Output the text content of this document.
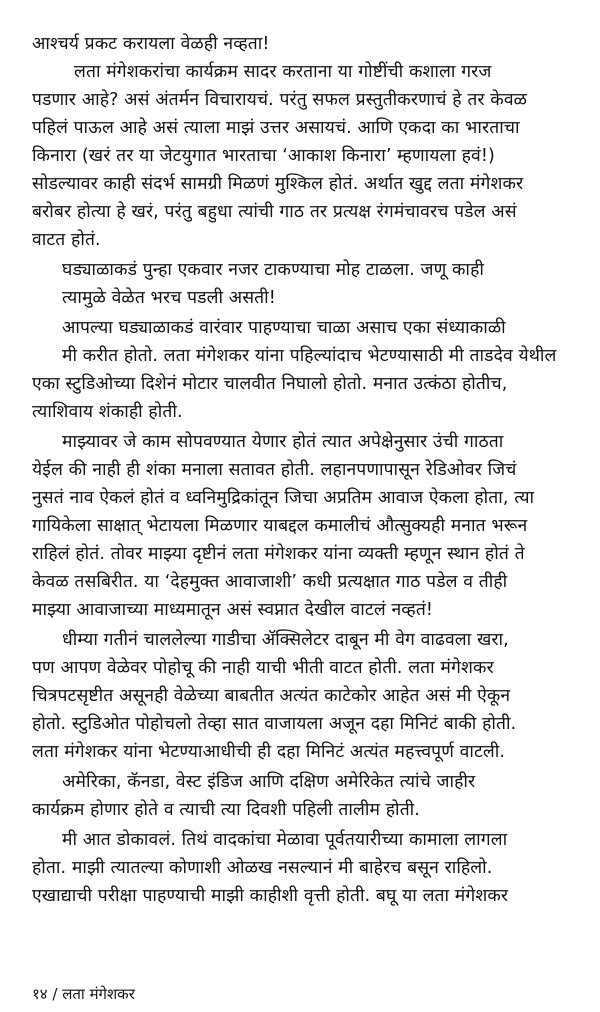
आश्चर्य प्रकट करायला वेळही नव्हता!
लता मंगेशकरांचा कार्यक्रम सादर करताना या गोष्टींची कशाला गरज
पडणार आहे? असं अंतर्मन विचारायचं. परंतु सफल प्रस्तुतीकरणाचं हे तर केवळ
पहिलं पाऊल आहे असं त्याला माझं उत्तर असायचं. आणि एकदा का भारताचा
किनारा (खरं तर या जेटयुगात भारताचा ‘आकाश किनारा’ म्हणायला हवं!)
सोडल्यावर काही संदर्भ सामग्री मिळणं मुश्किल होतं. अर्थात खुद्द लता मंगेशकर
बरोबर होत्या हे खरं, परंतु बहुधा त्यांची गाठ तर प्रत्यक्ष रंगमंचावरच पडेल असं
वाटत होतं.
घड्याळाकडं पुन्हा एकवार नजर टाकण्याचा मोह टाळला. जणू काही
त्यामुळे वेळेत भरच पडली असती!
आपल्या घड्याळाकडं वारंवार पाहण्याचा चाळा असाच एका संध्याकाळी
मी करीत होतो. लता मंगेशकर यांना पहिल्यांदाच भेटण्यासाठी मी ताडदेव येथील
एका स्टुडिओच्या दिशेनं मोटार चालवीत निघालो होतो. मनात उत्कंठा होतीच,
त्याशिवाय शंकाही होती.
माझ्यावर जे काम सोपवण्यात येणार होतं त्यात अपेक्षेनुसार उंची गाठता
येईल की नाही ही शंका मनाला सतावत होती. लहानपणापासून रेडिओवर जिचं
नुसतं नाव ऐकलं होतं व ध्वनिमुद्रिकांतून जिचा अप्रतिम आवाज ऐकला होता, त्या
गायिकेला साक्षात् भेटायला मिळणार याबद्दल कमालीचं औत्सुक्यही मनात भरून
राहिलं होतं. तोवर माझ्या दृष्टीनं लता मंगेशकर यांना व्यक्ती म्हणून स्थान होतं ते
केवळ तसबिरीत. या ‘देहमुक्त आवाजाशी’ कधी प्रत्यक्षात गाठ पडेल व तीही
माझ्या आवाजाच्या माध्यमातून असं स्वप्नात देखील वाटलं नव्हतं!
धीम्या गतीनं चाललेल्या गाडीचा ॲक्सिलेटर दाबून मी वेग वाढवला खरा,
पण आपण वेळेवर पोहोचू की नाही याची भीती वाटत होती. लता मंगेशकर
चित्रपटसृष्टीत असूनही वेळेच्या बाबतीत अत्यंत काटेकोर आहेत असं मी ऐकून
होतो. स्टुडिओत पोहोचलो तेव्हा सात वाजायला अजून दहा मिनिटं बाकी होती.
लता मंगेशकर यांना भेटण्याआधीची ही दहा मिनिटं अत्यंत महत्त्वपूर्ण वाटली.
अमेरिका, कॅनडा, वेस्ट इंडिज आणि दक्षिण अमेरिकेत त्यांचे जाहीर
कार्यक्रम होणार होते व त्याची त्या दिवशी पहिली तालीम होती.
मी आत डोकावलं. तिथं वादकांचा मेळावा पूर्वतयारीच्या कामाला लागला
होता. माझी त्यातल्या कोणाशी ओळख नसल्यानं मी बाहेरच बसून राहिलो.
एखाद्याची परीक्षा पाहण्याची माझी काहीशी वृत्ती होती. बघू या लता मंगेशकर
१४ / लता मंगेशकर
